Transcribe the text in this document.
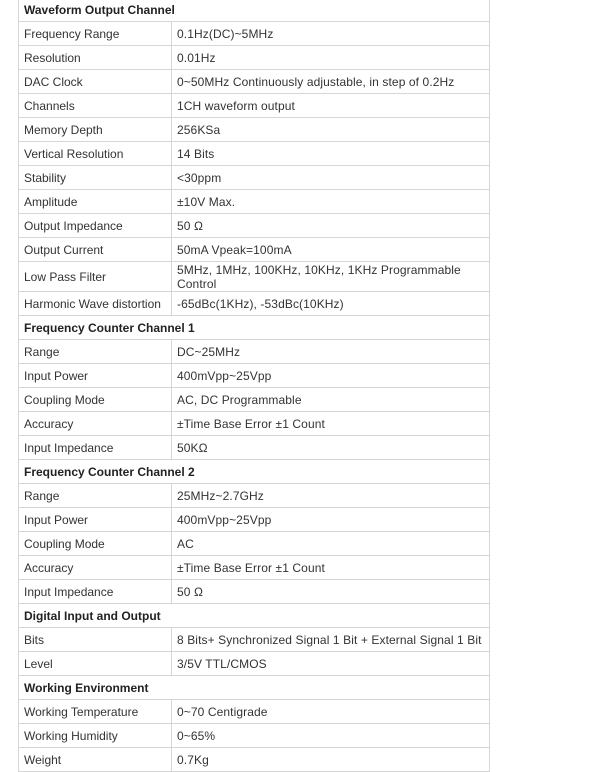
Waveform Output Channel	
Frequency Range	0.1Hz(DC)~5MHz
Resolution	0.01Hz
DAC Clock	0~50MHz Continuously adjustable, in step of 0.2Hz
Channels	1CH waveform output
Memory Depth	256KSa
Vertical Resolution	14 Bits
Stability	<30ppm
Amplitude	±10V Max.
Output Impedance	50 Ω
Output Current	50mA Vpeak=100mA
Low Pass Filter	5MHz, 1MHz, 100KHz, 10KHz, 1KHz Programmable Control
Harmonic Wave distortion	-65dBc(1KHz), -53dBc(10KHz)
Frequency Counter Channel 1	
Range	DC~25MHz
Input Power	400mVpp~25Vpp
Coupling Mode	AC, DC Programmable
Accuracy	±Time Base Error ±1 Count
Input Impedance	50KΩ
Frequency Counter Channel 2	
Range	25MHz~2.7GHz
Input Power	400mVpp~25Vpp
Coupling Mode	AC
Accuracy	±Time Base Error ±1 Count
Input Impedance	50 Ω
Digital Input and Output	
Bits	8 Bits+ Synchronized Signal 1 Bit + External Signal 1 Bit
Level	3/5V TTL/CMOS
Working Environment	
Working Temperature	0~70 Centigrade
Working Humidity	0~65%
Weight	0.7Kg
